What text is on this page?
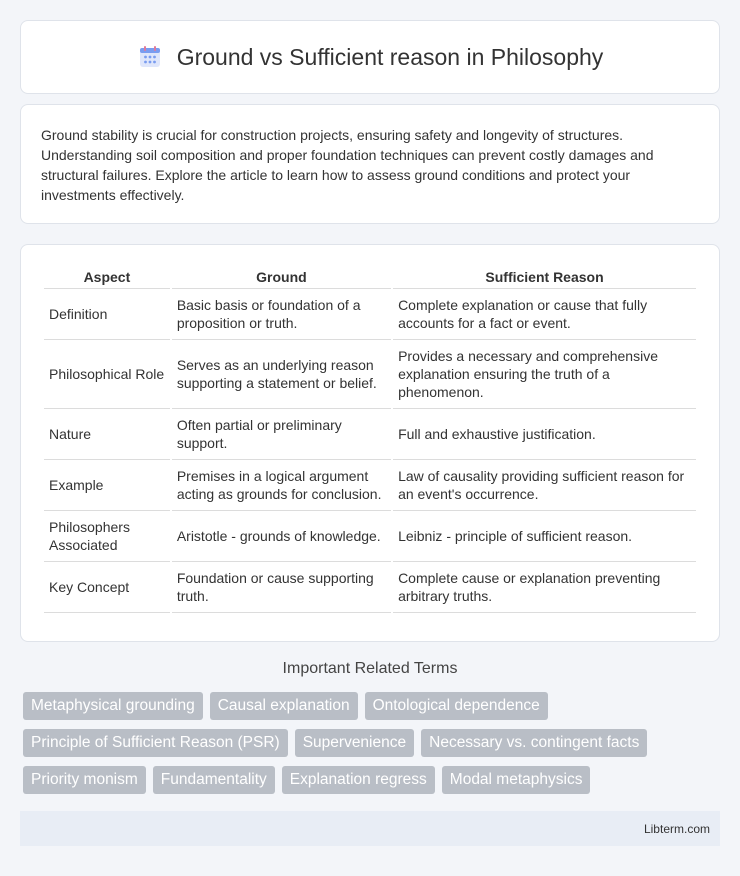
Ground vs Sufficient reason in Philosophy

Ground stability is crucial for construction projects, ensuring safety and longevity of structures. Understanding soil composition and proper foundation techniques can prevent costly damages and structural failures. Explore the article to learn how to assess ground conditions and protect your investments effectively.

Aspect	Ground	Sufficient Reason
Definition	Basic basis or foundation of a proposition or truth.	Complete explanation or cause that fully accounts for a fact or event.
Philosophical Role	Serves as an underlying reason supporting a statement or belief.	Provides a necessary and comprehensive explanation ensuring the truth of a phenomenon.
Nature	Often partial or preliminary support.	Full and exhaustive justification.
Example	Premises in a logical argument acting as grounds for conclusion.	Law of causality providing sufficient reason for an event's occurrence.
Philosophers Associated	Aristotle - grounds of knowledge.	Leibniz - principle of sufficient reason.
Key Concept	Foundation or cause supporting truth.	Complete cause or explanation preventing arbitrary truths.
Important Related Terms
Metaphysical grounding	Causal explanation	Ontological dependence
Principle of Sufficient Reason (PSR)	Supervenience	Necessary vs. contingent facts
Priority monism	Fundamentality	Explanation regress	Modal metaphysics
Libterm.com
